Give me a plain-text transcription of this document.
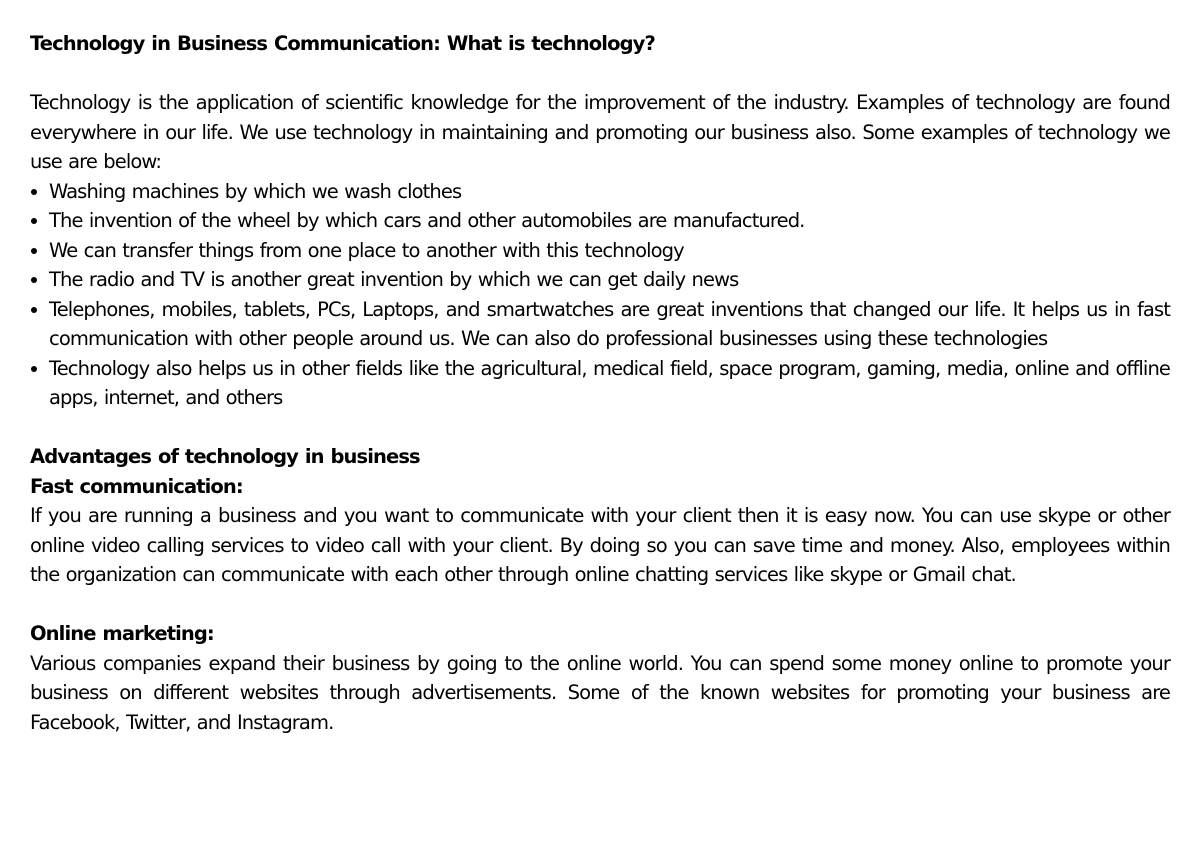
Technology in Business Communication: What is technology?

Technology is the application of scientific knowledge for the improvement of the industry. Examples of technology are found everywhere in our life. We use technology in maintaining and promoting our business also. Some examples of technology we use are below:

Washing machines by which we wash clothes
The invention of the wheel by which cars and other automobiles are manufactured.
We can transfer things from one place to another with this technology
The radio and TV is another great invention by which we can get daily news
Telephones, mobiles, tablets, PCs, Laptops, and smartwatches are great inventions that changed our life. It helps us in fast communication with other people around us. We can also do professional businesses using these technologies
Technology also helps us in other fields like the agricultural, medical field, space program, gaming, media, online and offline apps, internet, and others

Advantages of technology in business

Fast communication:

If you are running a business and you want to communicate with your client then it is easy now. You can use skype or other online video calling services to video call with your client. By doing so you can save time and money. Also, employees within the organization can communicate with each other through online chatting services like skype or Gmail chat.

Online marketing:

Various companies expand their business by going to the online world. You can spend some money online to promote your business on different websites through advertisements. Some of the known websites for promoting your business are Facebook, Twitter, and Instagram.
